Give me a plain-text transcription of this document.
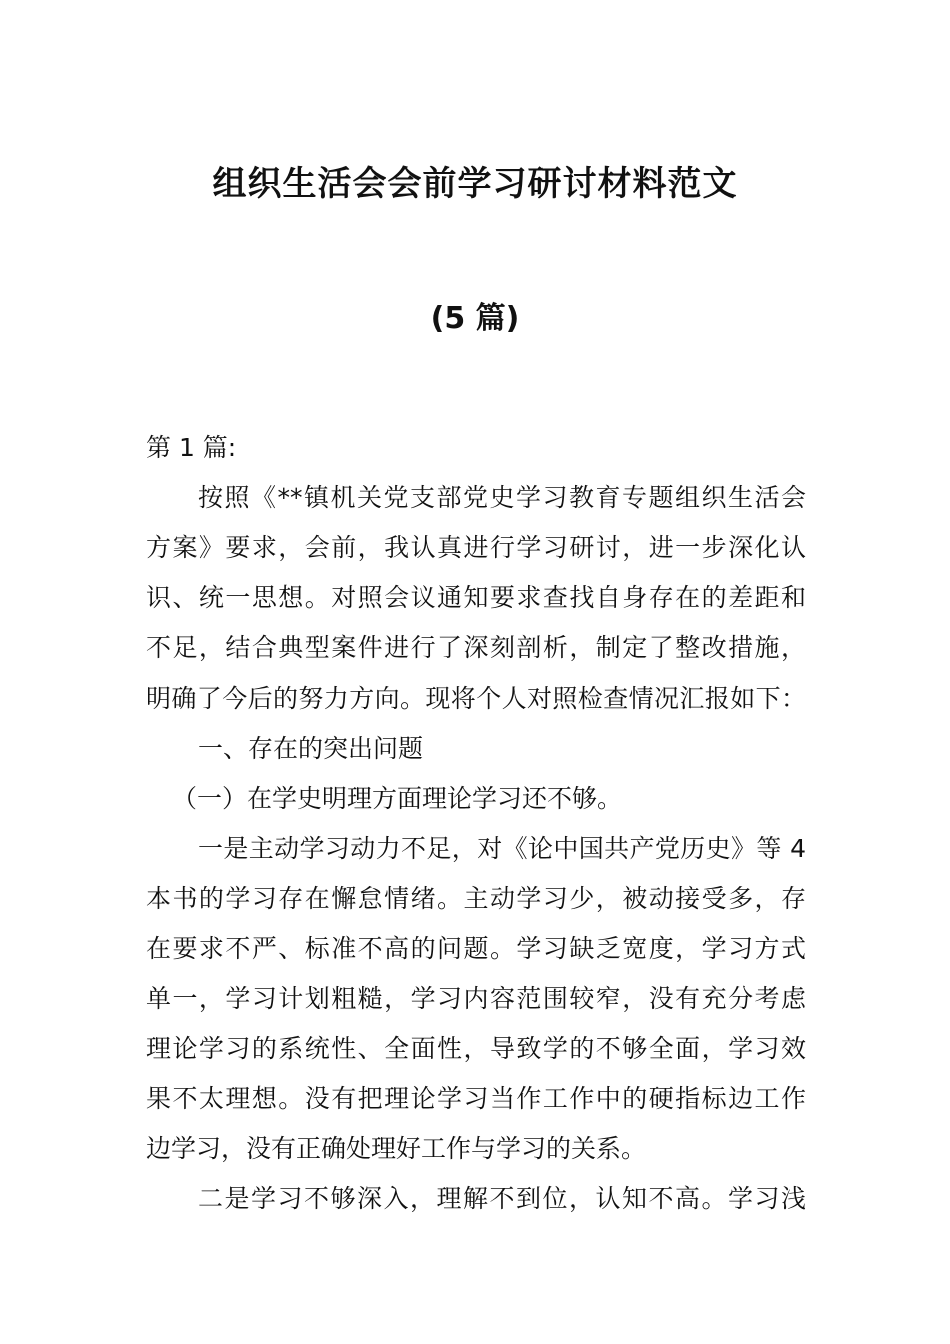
组织生活会会前学习研讨材料范文
(5 篇)
第 1 篇:
按照《**镇机关党支部党史学习教育专题组织生活会
方案》要求，会前，我认真进行学习研讨，进一步深化认
识、统一思想。对照会议通知要求查找自身存在的差距和
不足，结合典型案件进行了深刻剖析，制定了整改措施，
明确了今后的努力方向。现将个人对照检查情况汇报如下：
一、存在的突出问题
（一）在学史明理方面理论学习还不够。
一是主动学习动力不足，对《论中国共产党历史》等 4
本书的学习存在懈怠情绪。主动学习少，被动接受多，存
在要求不严、标准不高的问题。学习缺乏宽度，学习方式
单一，学习计划粗糙，学习内容范围较窄，没有充分考虑
理论学习的系统性、全面性，导致学的不够全面，学习效
果不太理想。没有把理论学习当作工作中的硬指标边工作
边学习，没有正确处理好工作与学习的关系。
二是学习不够深入，理解不到位，认知不高。学习浅
